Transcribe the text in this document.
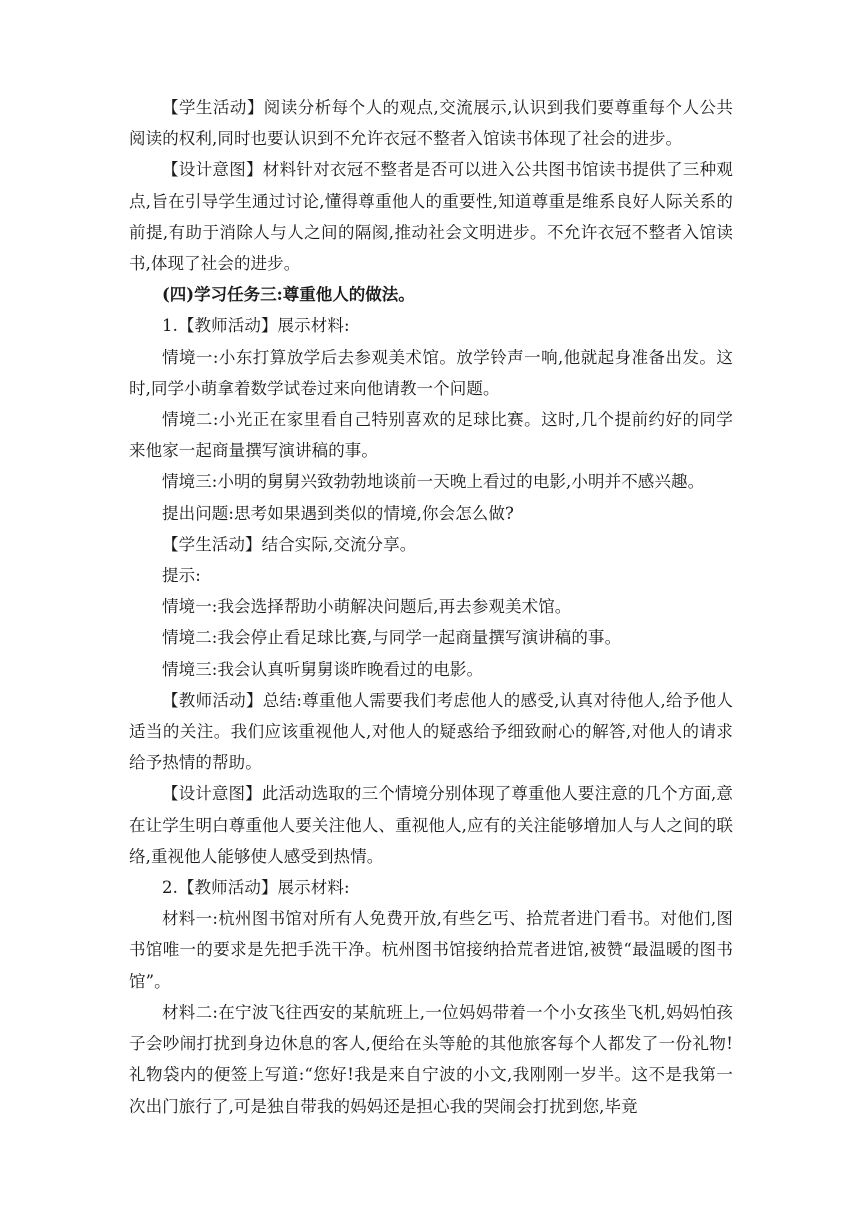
【学生活动】阅读分析每个人的观点,交流展示,认识到我们要尊重每个人公共阅读的权利,同时也要认识到不允许衣冠不整者入馆读书体现了社会的进步。

【设计意图】材料针对衣冠不整者是否可以进入公共图书馆读书提供了三种观点,旨在引导学生通过讨论,懂得尊重他人的重要性,知道尊重是维系良好人际关系的前提,有助于消除人与人之间的隔阂,推动社会文明进步。不允许衣冠不整者入馆读书,体现了社会的进步。

(四)学习任务三:尊重他人的做法。

1.【教师活动】展示材料:

情境一:小东打算放学后去参观美术馆。放学铃声一响,他就起身准备出发。这时,同学小萌拿着数学试卷过来向他请教一个问题。

情境二:小光正在家里看自己特别喜欢的足球比赛。这时,几个提前约好的同学来他家一起商量撰写演讲稿的事。

情境三:小明的舅舅兴致勃勃地谈前一天晚上看过的电影,小明并不感兴趣。

提出问题:思考如果遇到类似的情境,你会怎么做?

【学生活动】结合实际,交流分享。

提示:

情境一:我会选择帮助小萌解决问题后,再去参观美术馆。

情境二:我会停止看足球比赛,与同学一起商量撰写演讲稿的事。

情境三:我会认真听舅舅谈昨晚看过的电影。

【教师活动】总结:尊重他人需要我们考虑他人的感受,认真对待他人,给予他人适当的关注。我们应该重视他人,对他人的疑惑给予细致耐心的解答,对他人的请求给予热情的帮助。

【设计意图】此活动选取的三个情境分别体现了尊重他人要注意的几个方面,意在让学生明白尊重他人要关注他人、重视他人,应有的关注能够增加人与人之间的联络,重视他人能够使人感受到热情。

2.【教师活动】展示材料:

材料一:杭州图书馆对所有人免费开放,有些乞丐、拾荒者进门看书。对他们,图书馆唯一的要求是先把手洗干净。杭州图书馆接纳拾荒者进馆,被赞“最温暖的图书馆”。

材料二:在宁波飞往西安的某航班上,一位妈妈带着一个小女孩坐飞机,妈妈怕孩子会吵闹打扰到身边休息的客人,便给在头等舱的其他旅客每个人都发了一份礼物!礼物袋内的便签上写道:“您好!我是来自宁波的小文,我刚刚一岁半。这不是我第一次出门旅行了,可是独自带我的妈妈还是担心我的哭闹会打扰到您,毕竟
